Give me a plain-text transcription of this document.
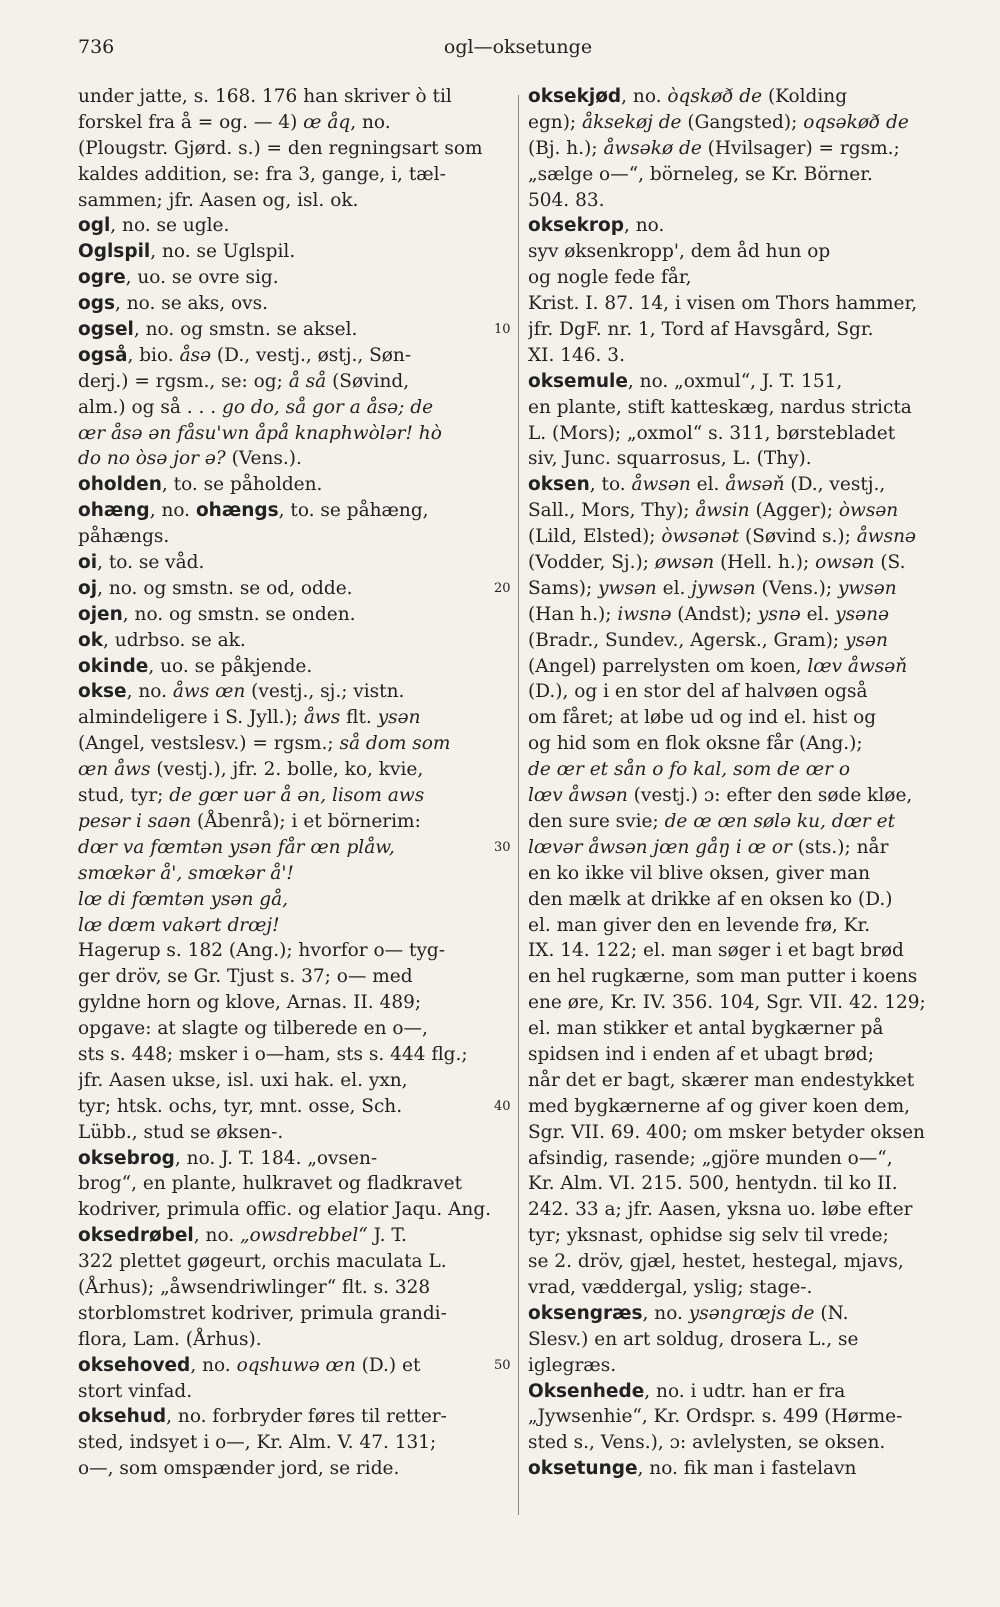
736	ogl—oksetunge
under jatte, s. 168. 176 han skriver ò til
forskel fra å = og. — 4) œ åq, no.
(Plougstr. Gjørd. s.) = den regningsart som
kaldes addition, se: fra 3, gange, i, tæl-
sammen; jfr. Aasen og, isl. ok.
ogl, no. se ugle.
Oglspil, no. se Uglspil.
ogre, uo. se ovre sig.
ogs, no. se aks, ovs.
ogsel, no. og smstn. se aksel.
også, bio. åsə (D., vestj., østj., Søn-
derj.) = rgsm., se: og; å så (Søvind,
alm.) og så . . . go do, så gor a åsə; de
œr åsə ən fåsu'wn åpå knaphwòlər! hò
do no òsə jor ə? (Vens.).
oholden, to. se påholden.
ohæng, no. ohængs, to. se påhæng,
påhængs.
oi, to. se våd.
oj, no. og smstn. se od, odde.
ojen, no. og smstn. se onden.
ok, udrbso. se ak.
okinde, uo. se påkjende.
okse, no. åws œn (vestj., sj.; vistn.
almindeligere i S. Jyll.); åws flt. ysən
(Angel, vestslesv.) = rgsm.; så dom som
œn åws (vestj.), jfr. 2. bolle, ko, kvie,
stud, tyr; de gœr uər å ən, lisom aws
pesər i saən (Åbenrå); i et börnerim:
dœr va fœmtən ysən får œn plåw,
smœkər å', smœkər å'!
lœ di fœmtən ysən gå,
lœ dœm vakərt drœj!
Hagerup s. 182 (Ang.); hvorfor o— tyg-
ger dröv, se Gr. Tjust s. 37; o— med
gyldne horn og klove, Arnas. II. 489;
opgave: at slagte og tilberede en o—,
sts s. 448; msker i o—ham, sts s. 444 flg.;
jfr. Aasen ukse, isl. uxi hak. el. yxn,
tyr; htsk. ochs, tyr, mnt. osse, Sch.
Lübb., stud se øksen-.
oksebrog, no. J. T. 184. „ovsen-
brog“, en plante, hulkravet og fladkravet
kodriver, primula offic. og elatior Jaqu. Ang.
oksedrøbel, no. „owsdrebbel“ J. T.
322 plettet gøgeurt, orchis maculata L.
(Århus); „åwsendriwlinger“ flt. s. 328
storblomstret kodriver, primula grandi-
flora, Lam. (Århus).
oksehoved, no. oqshuwə œn (D.) et
stort vinfad.
oksehud, no. forbryder føres til retter-
sted, indsyet i o—, Kr. Alm. V. 47. 131;
o—, som omspænder jord, se ride.
oksekjød, no. òqskøð de (Kolding
egn); åksekøj de (Gangsted); oqsəkøð de
(Bj. h.); åwsəkø de (Hvilsager) = rgsm.;
„sælge o—“, börneleg, se Kr. Börner.
504. 83.
oksekrop, no.
syv øksenkropp', dem åd hun op
og nogle fede får,
Krist. I. 87. 14, i visen om Thors hammer,
jfr. DgF. nr. 1, Tord af Havsgård, Sgr.
XI. 146. 3.
oksemule, no. „oxmul“, J. T. 151,
en plante, stift katteskæg, nardus stricta
L. (Mors); „oxmol“ s. 311, børstebladet
siv, Junc. squarrosus, L. (Thy).
oksen, to. åwsən el. åwsəň (D., vestj.,
Sall., Mors, Thy); åwsin (Agger); òwsən
(Lild, Elsted); òwsənət (Søvind s.); åwsnə
(Vodder, Sj.); øwsən (Hell. h.); owsən (S.
Sams); ywsən el. jywsən (Vens.); ywsən
(Han h.); iwsnə (Andst); ysnə el. ysənə
(Bradr., Sundev., Agersk., Gram); ysən
(Angel) parrelysten om koen, lœv åwsəň
(D.), og i en stor del af halvøen også
om fåret; at løbe ud og ind el. hist og
og hid som en flok oksne får (Ang.);
de œr et sån o fo kal, som de œr o
lœv åwsən (vestj.) ɔ: efter den søde kløe,
den sure svie; de œ œn sølə ku, dœr et
lœvər åwsən jœn gåŋ i œ or (sts.); når
en ko ikke vil blive oksen, giver man
den mælk at drikke af en oksen ko (D.)
el. man giver den en levende frø, Kr.
IX. 14. 122; el. man søger i et bagt brød
en hel rugkærne, som man putter i koens
ene øre, Kr. IV. 356. 104, Sgr. VII. 42. 129;
el. man stikker et antal bygkærner på
spidsen ind i enden af et ubagt brød;
når det er bagt, skærer man endestykket
med bygkærnerne af og giver koen dem,
Sgr. VII. 69. 400; om msker betyder oksen
afsindig, rasende; „gjöre munden o—“,
Kr. Alm. VI. 215. 500, hentydn. til ko II.
242. 33 a; jfr. Aasen, yksna uo. løbe efter
tyr; yksnast, ophidse sig selv til vrede;
se 2. dröv, gjæl, hestet, hestegal, mjavs,
vrad, væddergal, yslig; stage-.
oksengræs, no. ysəngrœjs de (N.
Slesv.) en art soldug, drosera L., se
iglegræs.
Oksenhede, no. i udtr. han er fra
„Jywsenhie“, Kr. Ordspr. s. 499 (Hørme-
sted s., Vens.), ɔ: avlelysten, se oksen.
oksetunge, no. fik man i fastelavn
10
20
30
40
50
